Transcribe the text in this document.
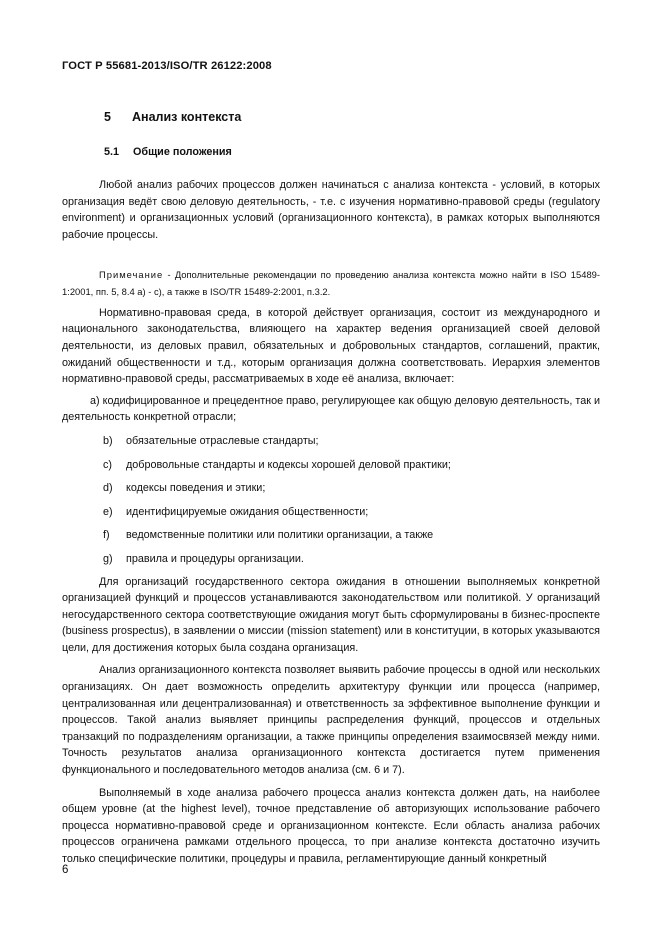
ГОСТ Р 55681-2013/ISO/TR 26122:2008
5 Анализ контекста
5.1 Общие положения

Любой анализ рабочих процессов должен начинаться с анализа контекста - условий, в которых организация ведёт свою деловую деятельность, - т.е. с изучения нормативно-правовой среды (regulatory environment) и организационных условий (организационного контекста), в рамках которых выполняются рабочие процессы.

Примечание - Дополнительные рекомендации по проведению анализа контекста можно найти в ISO 15489-1:2001, пп. 5, 8.4 а) - с), а также в ISO/TR 15489-2:2001, п.3.2.

Нормативно-правовая среда, в которой действует организация, состоит из международного и национального законодательства, влияющего на характер ведения организацией своей деловой деятельности, из деловых правил, обязательных и добровольных стандартов, соглашений, практик, ожиданий общественности и т.д., которым организация должна соответствовать. Иерархия элементов нормативно-правовой среды, рассматриваемых в ходе её анализа, включает:

а) кодифицированное и прецедентное право, регулирующее как общую деловую деятельность, так и деятельность конкретной отрасли;

b) обязательные отраслевые стандарты;

c) добровольные стандарты и кодексы хорошей деловой практики;

d) кодексы поведения и этики;

e) идентифицируемые ожидания общественности;

f) ведомственные политики или политики организации, а также

g) правила и процедуры организации.

Для организаций государственного сектора ожидания в отношении выполняемых конкретной организацией функций и процессов устанавливаются законодательством или политикой. У организаций негосударственного сектора соответствующие ожидания могут быть сформулированы в бизнес-проспекте (business prospectus), в заявлении о миссии (mission statement) или в конституции, в которых указываются цели, для достижения которых была создана организация.

Анализ организационного контекста позволяет выявить рабочие процессы в одной или нескольких организациях. Он дает возможность определить архитектуру функции или процесса (например, централизованная или децентрализованная) и ответственность за эффективное выполнение функции и процессов. Такой анализ выявляет принципы распределения функций, процессов и отдельных транзакций по подразделениям организации, а также принципы определения взаимосвязей между ними. Точность результатов анализа организационного контекста достигается путем применения функционального и последовательного методов анализа (см. 6 и 7).

Выполняемый в ходе анализа рабочего процесса анализ контекста должен дать, на наиболее общем уровне (at the highest level), точное представление об авторизующих использование рабочего процесса нормативно-правовой среде и организационном контексте. Если область анализа рабочих процессов ограничена рамками отдельного процесса, то при анализе контекста достаточно изучить только специфические политики, процедуры и правила, регламентирующие данный конкретный

6
